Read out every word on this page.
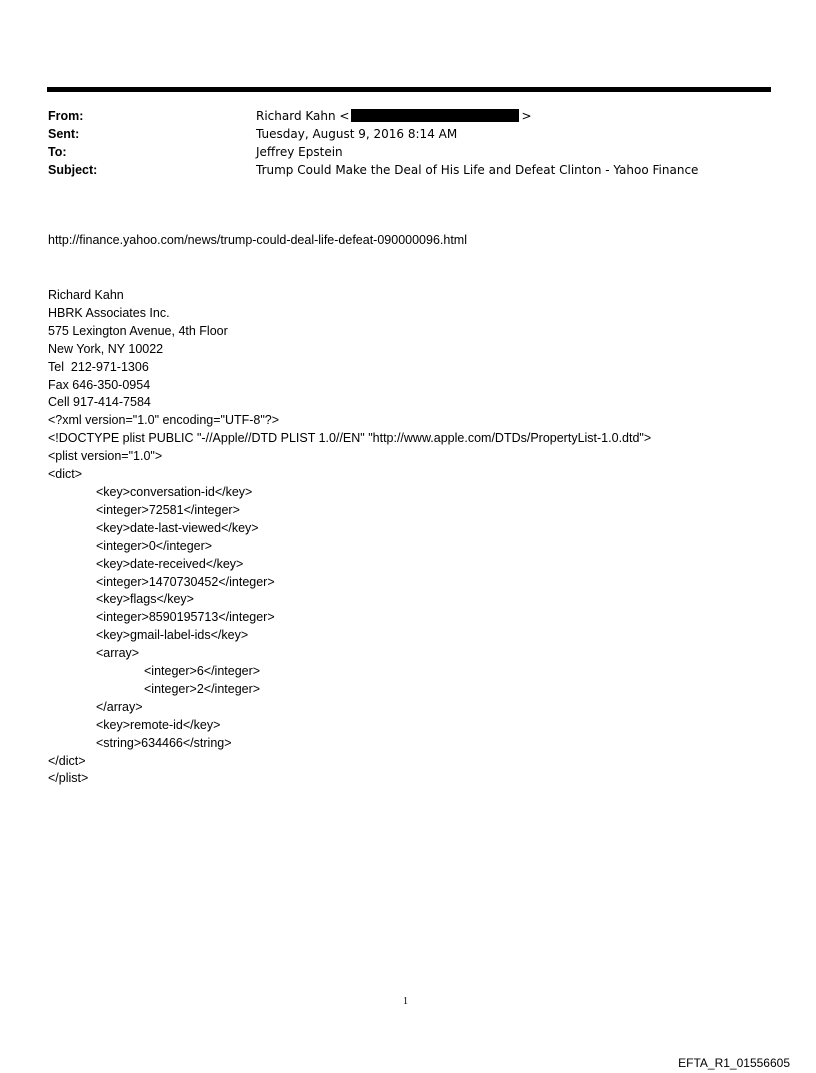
From:	Richard Kahn <	>
Sent:	Tuesday, August 9, 2016 8:14 AM
To:	Jeffrey Epstein
Subject:	Trump Could Make the Deal of His Life and Defeat Clinton - Yahoo Finance
http://finance.yahoo.com/news/trump-could-deal-life-defeat-090000096.html
Richard Kahn
HBRK Associates Inc.
575 Lexington Avenue, 4th Floor
New York, NY 10022
Tel  212-971-1306
Fax 646-350-0954
Cell 917-414-7584
<?xml version="1.0" encoding="UTF-8"?>
<!DOCTYPE plist PUBLIC "-//Apple//DTD PLIST 1.0//EN" "http://www.apple.com/DTDs/PropertyList-1.0.dtd">
<plist version="1.0">
<dict>
<key>conversation-id</key>
<integer>72581</integer>
<key>date-last-viewed</key>
<integer>0</integer>
<key>date-received</key>
<integer>1470730452</integer>
<key>flags</key>
<integer>8590195713</integer>
<key>gmail-label-ids</key>
<array>
<integer>6</integer>
<integer>2</integer>
</array>
<key>remote-id</key>
<string>634466</string>
</dict>
</plist>
1
EFTA_R1_01556605
